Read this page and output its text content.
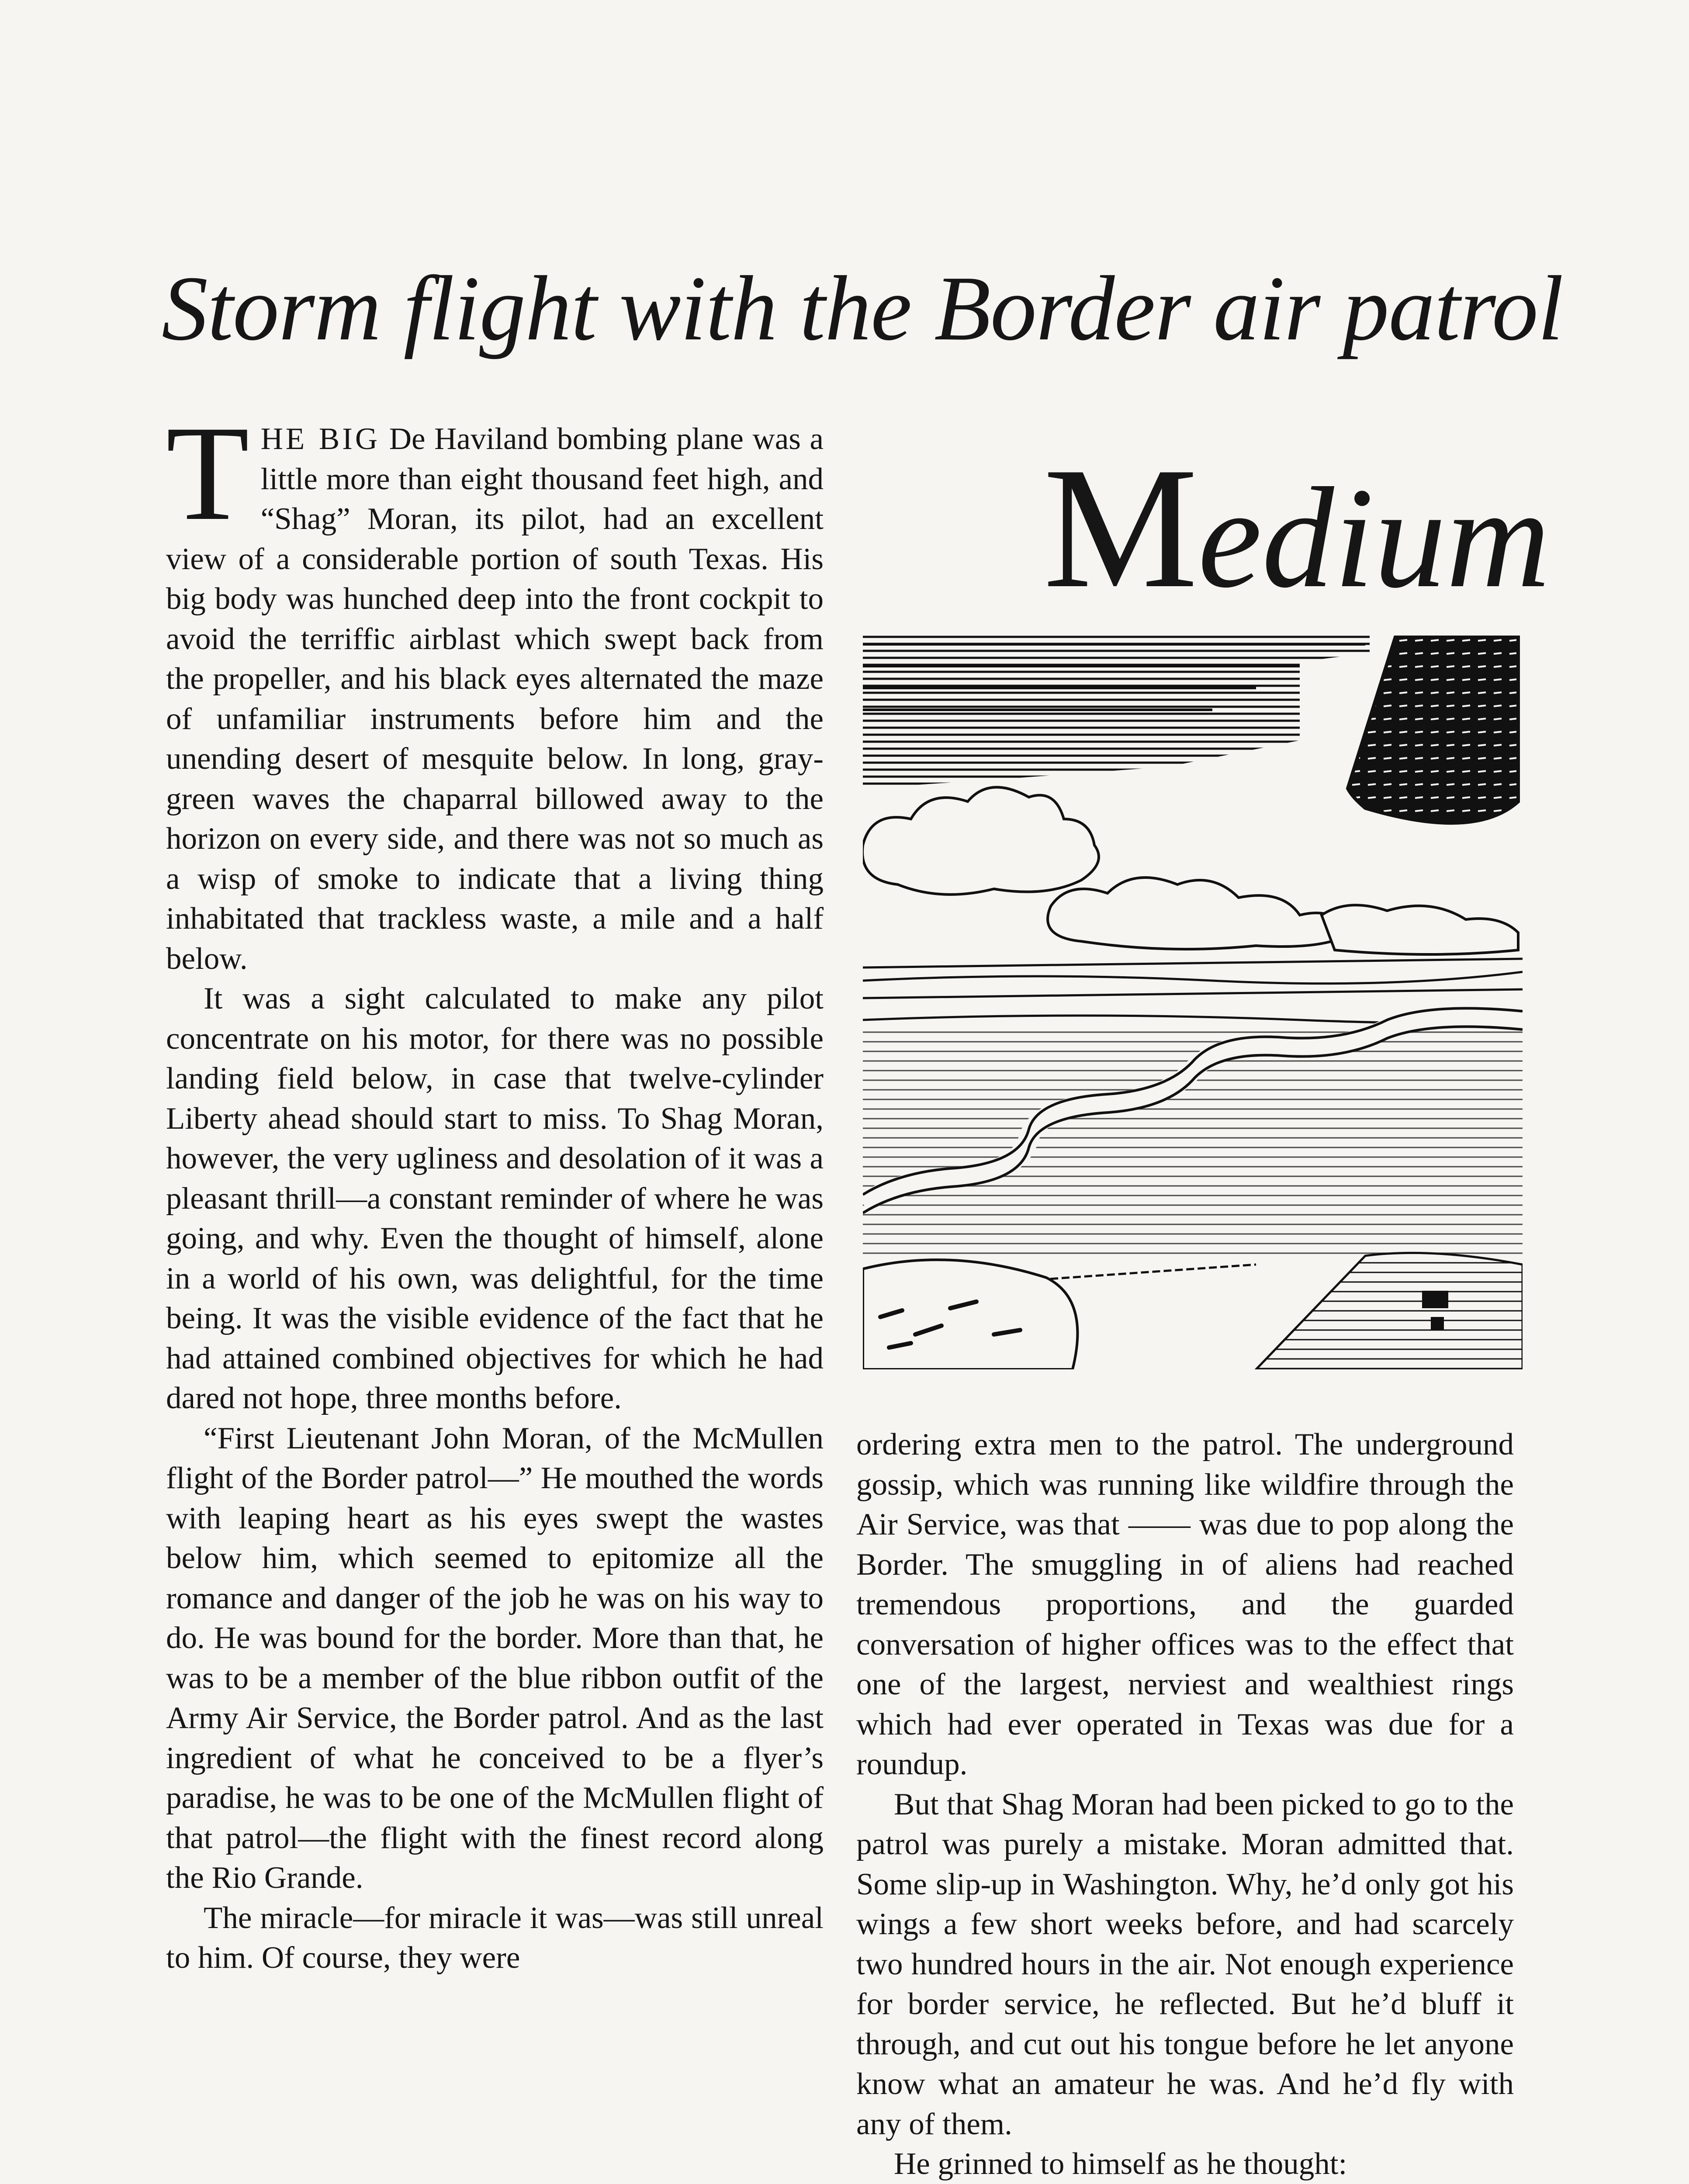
Storm flight with the Border air patrol

THE BIG De Haviland bombing plane was a little more than eight thousand feet high, and “Shag” Moran, its pilot, had an excellent view of a considerable portion of south Texas. His big body was hunched deep into the front cockpit to avoid the terriffic airblast which swept back from the propeller, and his black eyes alternated the maze of unfamiliar instruments before him and the unending desert of mesquite below. In long, gray-green waves the chaparral billowed away to the horizon on every side, and there was not so much as a wisp of smoke to indicate that a living thing inhabitated that trackless waste, a mile and a half below.

It was a sight calculated to make any pilot concentrate on his motor, for there was no possible landing field below, in case that twelve-cylinder Liberty ahead should start to miss. To Shag Moran, however, the very ugliness and desolation of it was a pleasant thrill—a constant reminder of where he was going, and why. Even the thought of himself, alone in a world of his own, was delightful, for the time being. It was the visible evidence of the fact that he had attained combined objectives for which he had dared not hope, three months before.

“First Lieutenant John Moran, of the McMullen flight of the Border patrol—” He mouthed the words with leaping heart as his eyes swept the wastes below him, which seemed to epitomize all the romance and danger of the job he was on his way to do. He was bound for the border. More than that, he was to be a member of the blue ribbon outfit of the Army Air Service, the Border patrol. And as the last ingredient of what he conceived to be a flyer’s paradise, he was to be one of the McMullen flight of that patrol—the flight with the finest record along the Rio Grande.

The miracle—for miracle it was—was still unreal to him. Of course, they were

Medium

ordering extra men to the patrol. The underground gossip, which was running like wildfire through the Air Service, was that —— was due to pop along the Border. The smuggling in of aliens had reached tremendous proportions, and the guarded conversation of higher offices was to the effect that one of the largest, nerviest and wealthiest rings which had ever operated in Texas was due for a roundup.

But that Shag Moran had been picked to go to the patrol was purely a mistake. Moran admitted that. Some slip-up in Washington. Why, he’d only got his wings a few short weeks before, and had scarcely two hundred hours in the air. Not enough experience for border service, he reflected. But he’d bluff it through, and cut out his tongue before he let anyone know what an amateur he was. And he’d fly with any of them.

He grinned to himself as he thought:
